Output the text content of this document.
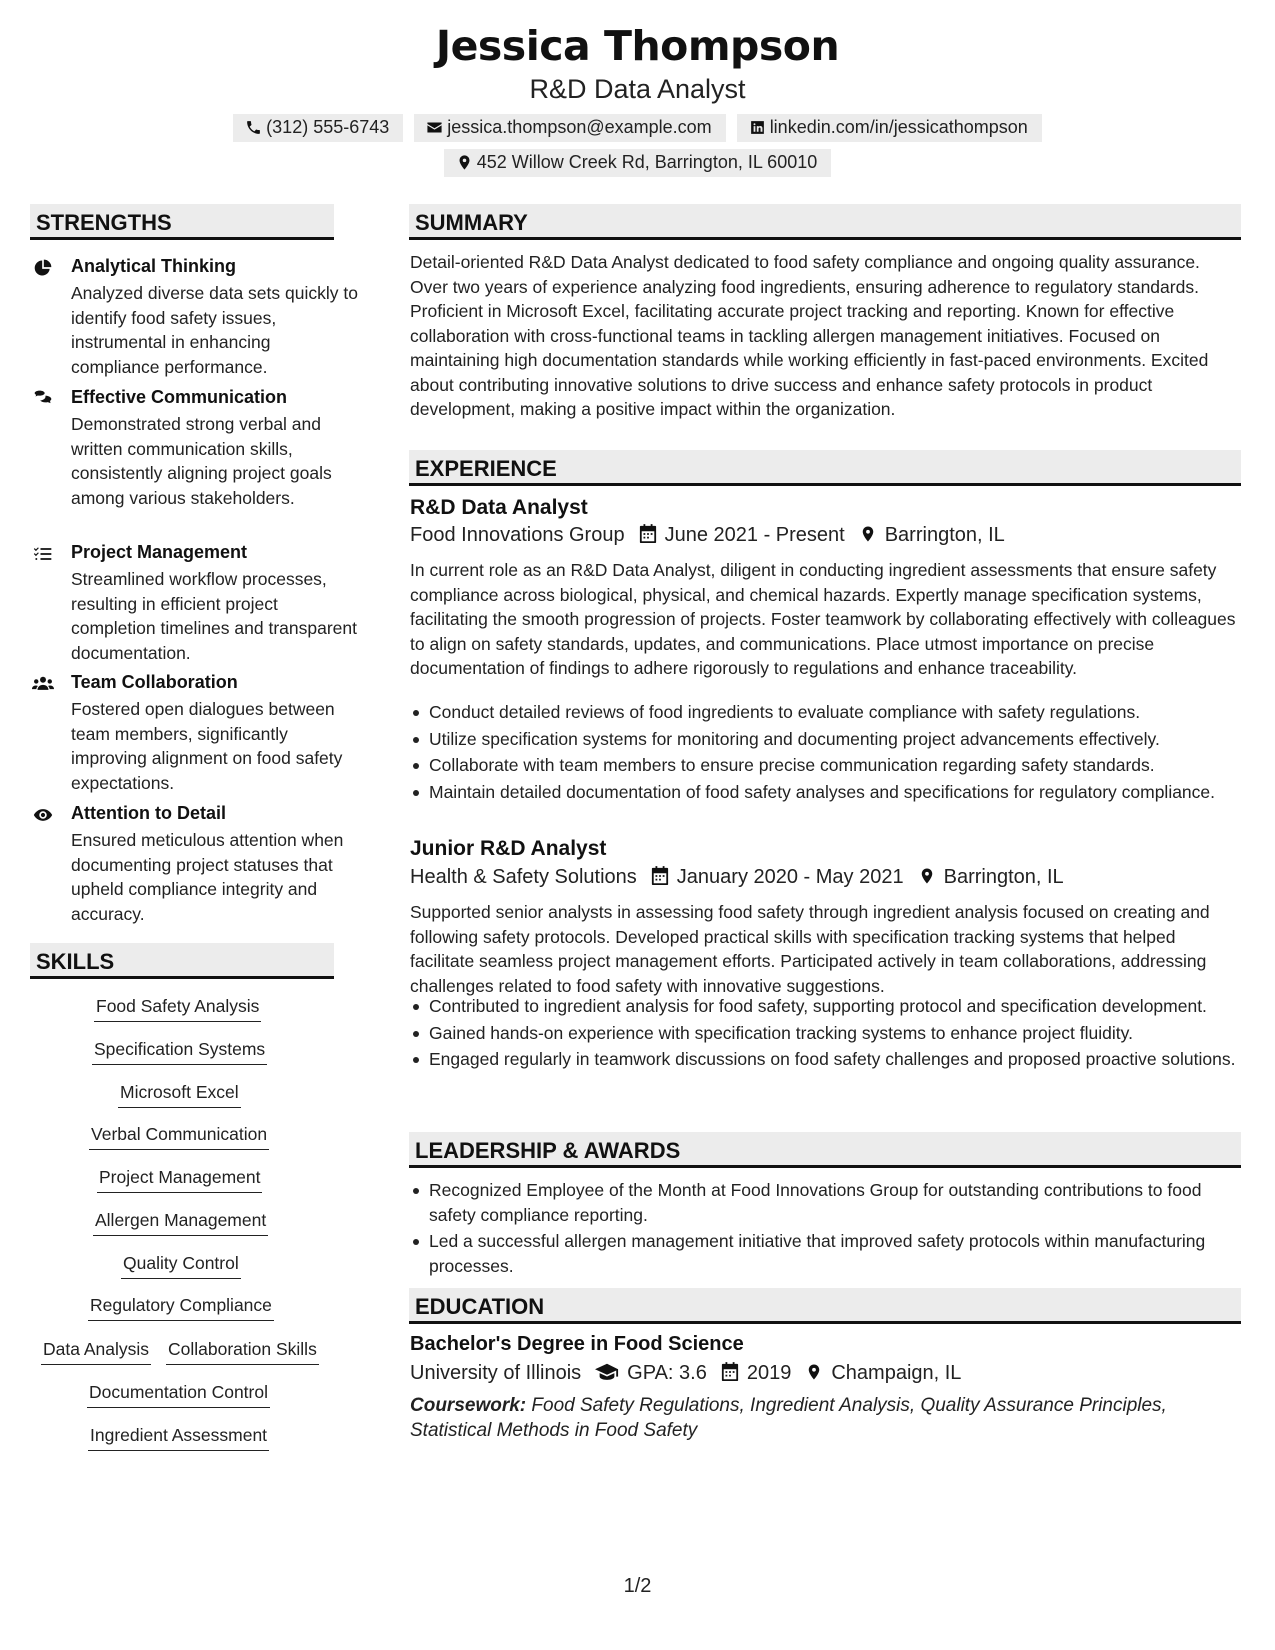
Jessica Thompson
R&D Data Analyst
(312) 555-6743	jessica.thompson@example.com	linkedin.com/in/jessicathompson
452 Willow Creek Rd, Barrington, IL 60010
STRENGTHS
Analytical Thinking
Analyzed diverse data sets quickly to identify food safety issues, instrumental in enhancing compliance performance.
Effective Communication
Demonstrated strong verbal and written communication skills, consistently aligning project goals among various stakeholders.
Project Management
Streamlined workflow processes, resulting in efficient project completion timelines and transparent documentation.
Team Collaboration
Fostered open dialogues between team members, significantly improving alignment on food safety expectations.
Attention to Detail
Ensured meticulous attention when documenting project statuses that upheld compliance integrity and accuracy.
SKILLS
Food Safety Analysis
Specification Systems
Microsoft Excel
Verbal Communication
Project Management
Allergen Management
Quality Control
Regulatory Compliance
Data Analysis Collaboration Skills
Documentation Control
Ingredient Assessment
SUMMARY
Detail-oriented R&D Data Analyst dedicated to food safety compliance and ongoing quality assurance. Over two years of experience analyzing food ingredients, ensuring adherence to regulatory standards. Proficient in Microsoft Excel, facilitating accurate project tracking and reporting. Known for effective collaboration with cross-functional teams in tackling allergen management initiatives. Focused on maintaining high documentation standards while working efficiently in fast-paced environments. Excited about contributing innovative solutions to drive success and enhance safety protocols in product development, making a positive impact within the organization.
EXPERIENCE
R&D Data Analyst
Food Innovations Group June 2021 - Present Barrington, IL
In current role as an R&D Data Analyst, diligent in conducting ingredient assessments that ensure safety compliance across biological, physical, and chemical hazards. Expertly manage specification systems, facilitating the smooth progression of projects. Foster teamwork by collaborating effectively with colleagues to align on safety standards, updates, and communications. Place utmost importance on precise documentation of findings to adhere rigorously to regulations and enhance traceability.
Conduct detailed reviews of food ingredients to evaluate compliance with safety regulations.
Utilize specification systems for monitoring and documenting project advancements effectively.
Collaborate with team members to ensure precise communication regarding safety standards.
Maintain detailed documentation of food safety analyses and specifications for regulatory compliance.
Junior R&D Analyst
Health & Safety Solutions January 2020 - May 2021 Barrington, IL
Supported senior analysts in assessing food safety through ingredient analysis focused on creating and following safety protocols. Developed practical skills with specification tracking systems that helped facilitate seamless project management efforts. Participated actively in team collaborations, addressing challenges related to food safety with innovative suggestions.
Contributed to ingredient analysis for food safety, supporting protocol and specification development.
Gained hands-on experience with specification tracking systems to enhance project fluidity.
Engaged regularly in teamwork discussions on food safety challenges and proposed proactive solutions.
LEADERSHIP & AWARDS
Recognized Employee of the Month at Food Innovations Group for outstanding contributions to food safety compliance reporting.
Led a successful allergen management initiative that improved safety protocols within manufacturing processes.
EDUCATION
Bachelor's Degree in Food Science
University of Illinois GPA: 3.6 2019 Champaign, IL
Coursework: Food Safety Regulations, Ingredient Analysis, Quality Assurance Principles, Statistical Methods in Food Safety
1/2
